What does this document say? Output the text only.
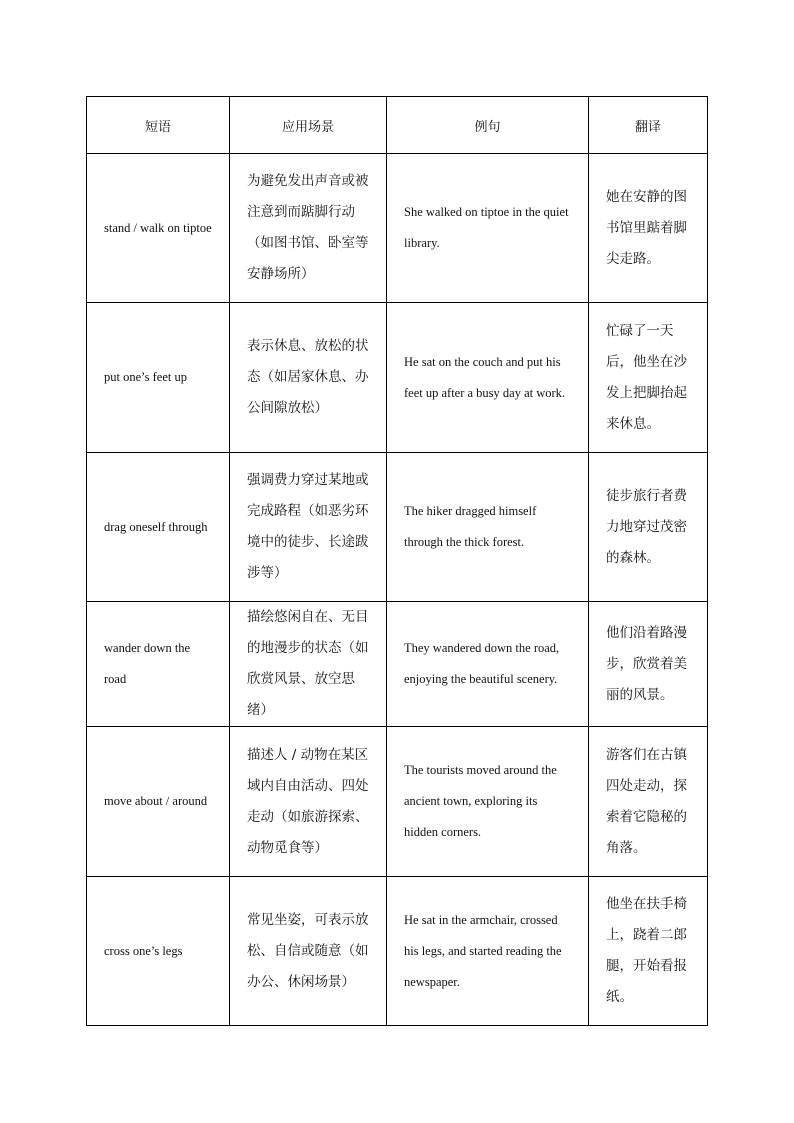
短语	应用场景	例句	翻译
stand / walk on tiptoe	为避免发出声音或被注意到而踮脚行动（如图书馆、卧室等安静场所）	She walked on tiptoe in the quiet library.	她在安静的图书馆里踮着脚尖走路。
put one’s feet up	表示休息、放松的状态（如居家休息、办公间隙放松）	He sat on the couch and put his feet up after a busy day at work.	忙碌了一天后，他坐在沙发上把脚抬起来休息。
drag oneself through	强调费力穿过某地或完成路程（如恶劣环境中的徒步、长途跋涉等）	The hiker dragged himself through the thick forest.	徒步旅行者费力地穿过茂密的森林。
wander down the road	描绘悠闲自在、无目的地漫步的状态（如欣赏风景、放空思绪）	They wandered down the road, enjoying the beautiful scenery.	他们沿着路漫步，欣赏着美丽的风景。
move about / around	描述人 / 动物在某区域内自由活动、四处走动（如旅游探索、动物觅食等）	The tourists moved around the ancient town, exploring its hidden corners.	游客们在古镇四处走动，探索着它隐秘的角落。
cross one’s legs	常见坐姿，可表示放松、自信或随意（如办公、休闲场景）	He sat in the armchair, crossed his legs, and started reading the newspaper.	他坐在扶手椅上，跷着二郎腿，开始看报纸。
